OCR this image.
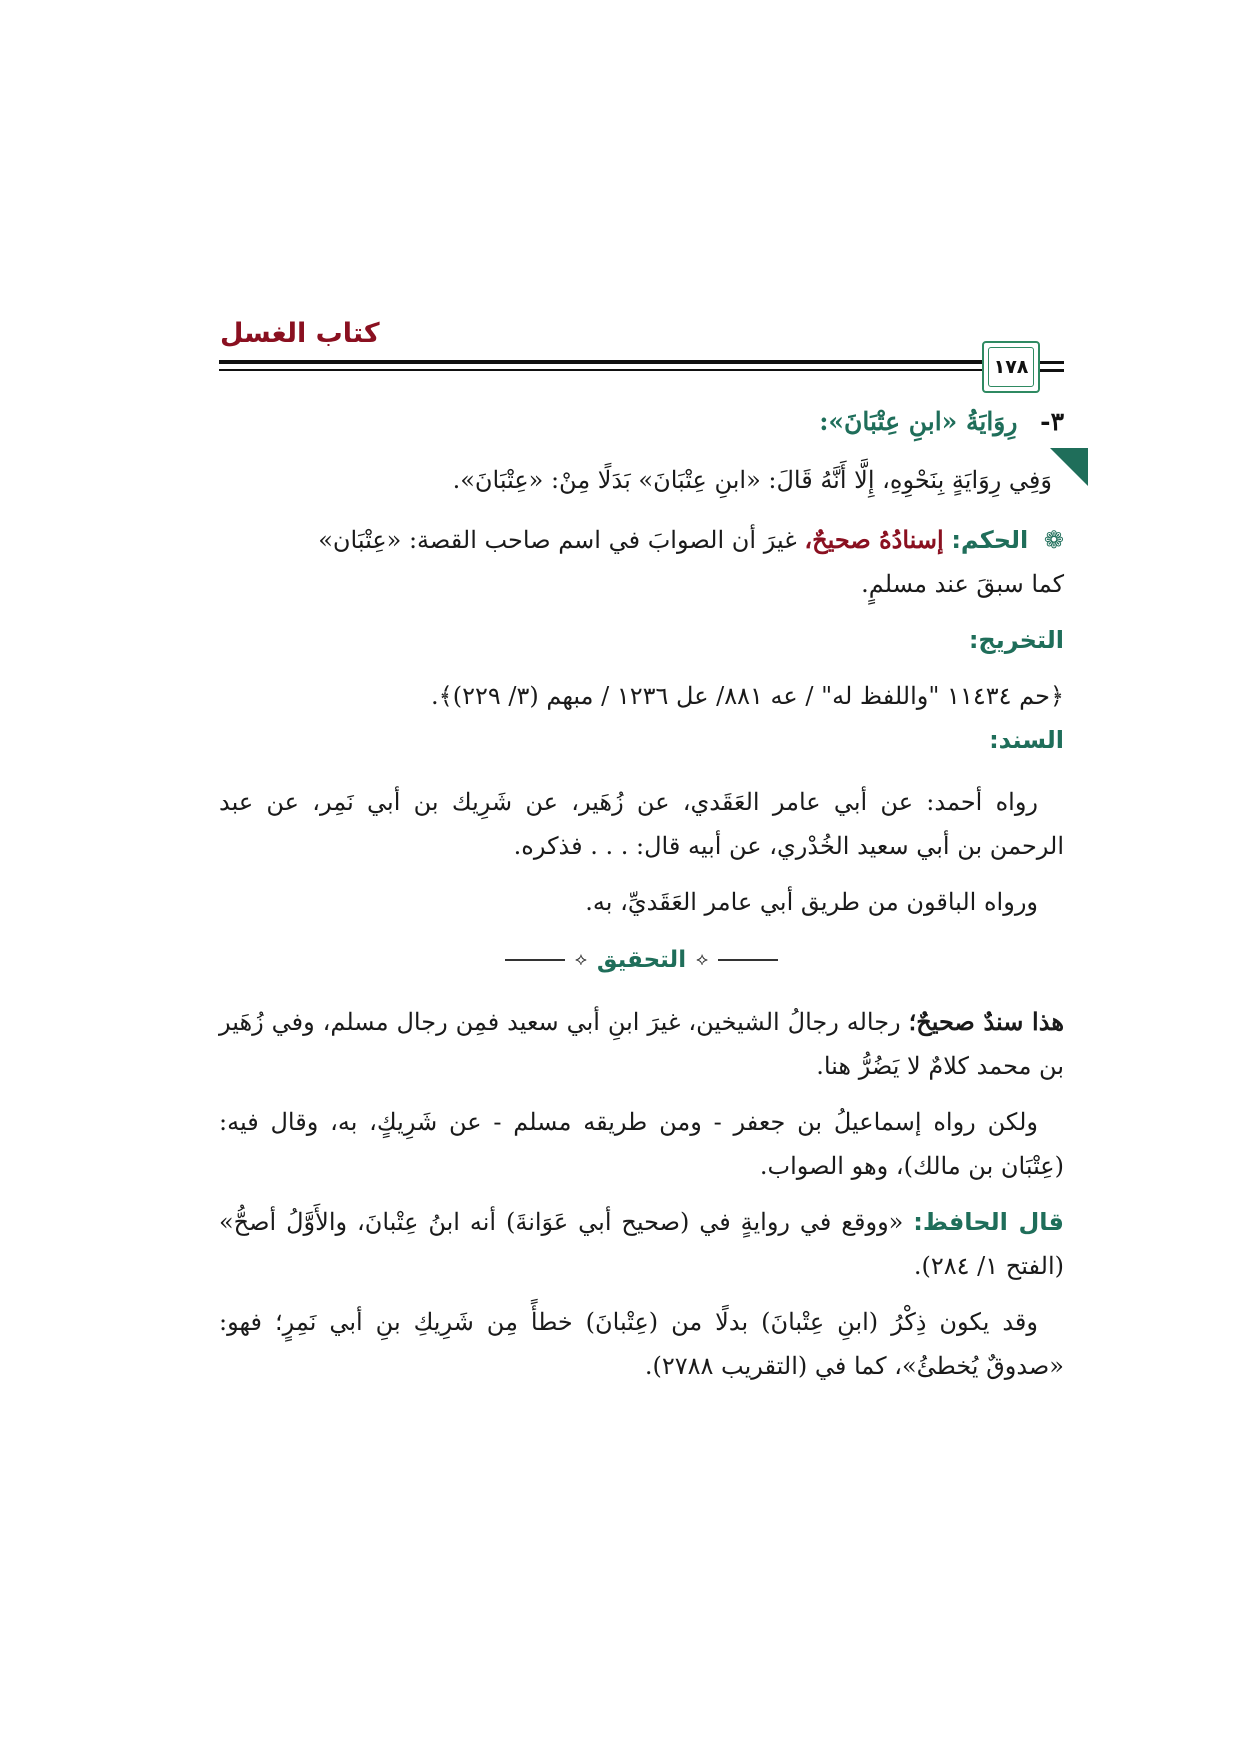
كتاب الغسل
١٧٨

٣- رِوَايَةُ «ابنِ عِتْبَانَ»:

وَفِي رِوَايَةٍ بِنَحْوِهِ، إِلَّا أَنَّهُ قَالَ: «ابنِ عِتْبَانَ» بَدَلًا مِنْ: «عِتْبَانَ».

❁ الحكم: إسنادُهُ صحيحٌ، غيرَ أن الصوابَ في اسم صاحب القصة: «عِتْبَان»

كما سبقَ عند مسلمٍ.

التخريج:

﴿حم ١١٤٣٤ "واللفظ له" / عه ٨٨١/ عل ١٢٣٦ / مبهم (٣/ ٢٢٩)﴾.

السند:

رواه أحمد: عن أبي عامر العَقَدي، عن زُهَير، عن شَرِيك بن أبي نَمِر، عن عبد الرحمن بن أبي سعيد الخُدْري، عن أبيه قال: . . . فذكره.

ورواه الباقون من طريق أبي عامر العَقَديِّ، به.

⟡
التحقيق
⟡

هذا سندٌ صحيحٌ؛ رجاله رجالُ الشيخين، غيرَ ابنِ أبي سعيد فمِن رجال مسلم، وفي زُهَير بن محمد كلامٌ لا يَضُرُّ هنا.

ولكن رواه إسماعيلُ بن جعفر - ومن طريقه مسلم - عن شَرِيكٍ، به، وقال فيه: (عِتْبَان بن مالك)، وهو الصواب.

قال الحافظ: «ووقع في روايةٍ في (صحيح أبي عَوَانةَ) أنه ابنُ عِتْبانَ، والأَوَّلُ أصحُّ» (الفتح ١/ ٢٨٤).

وقد يكون ذِكْرُ (ابنِ عِتْبانَ) بدلًا من (عِتْبانَ) خطأً مِن شَرِيكِ بنِ أبي نَمِرٍ؛ فهو: «صدوقٌ يُخطئُ»، كما في (التقريب ٢٧٨٨).
